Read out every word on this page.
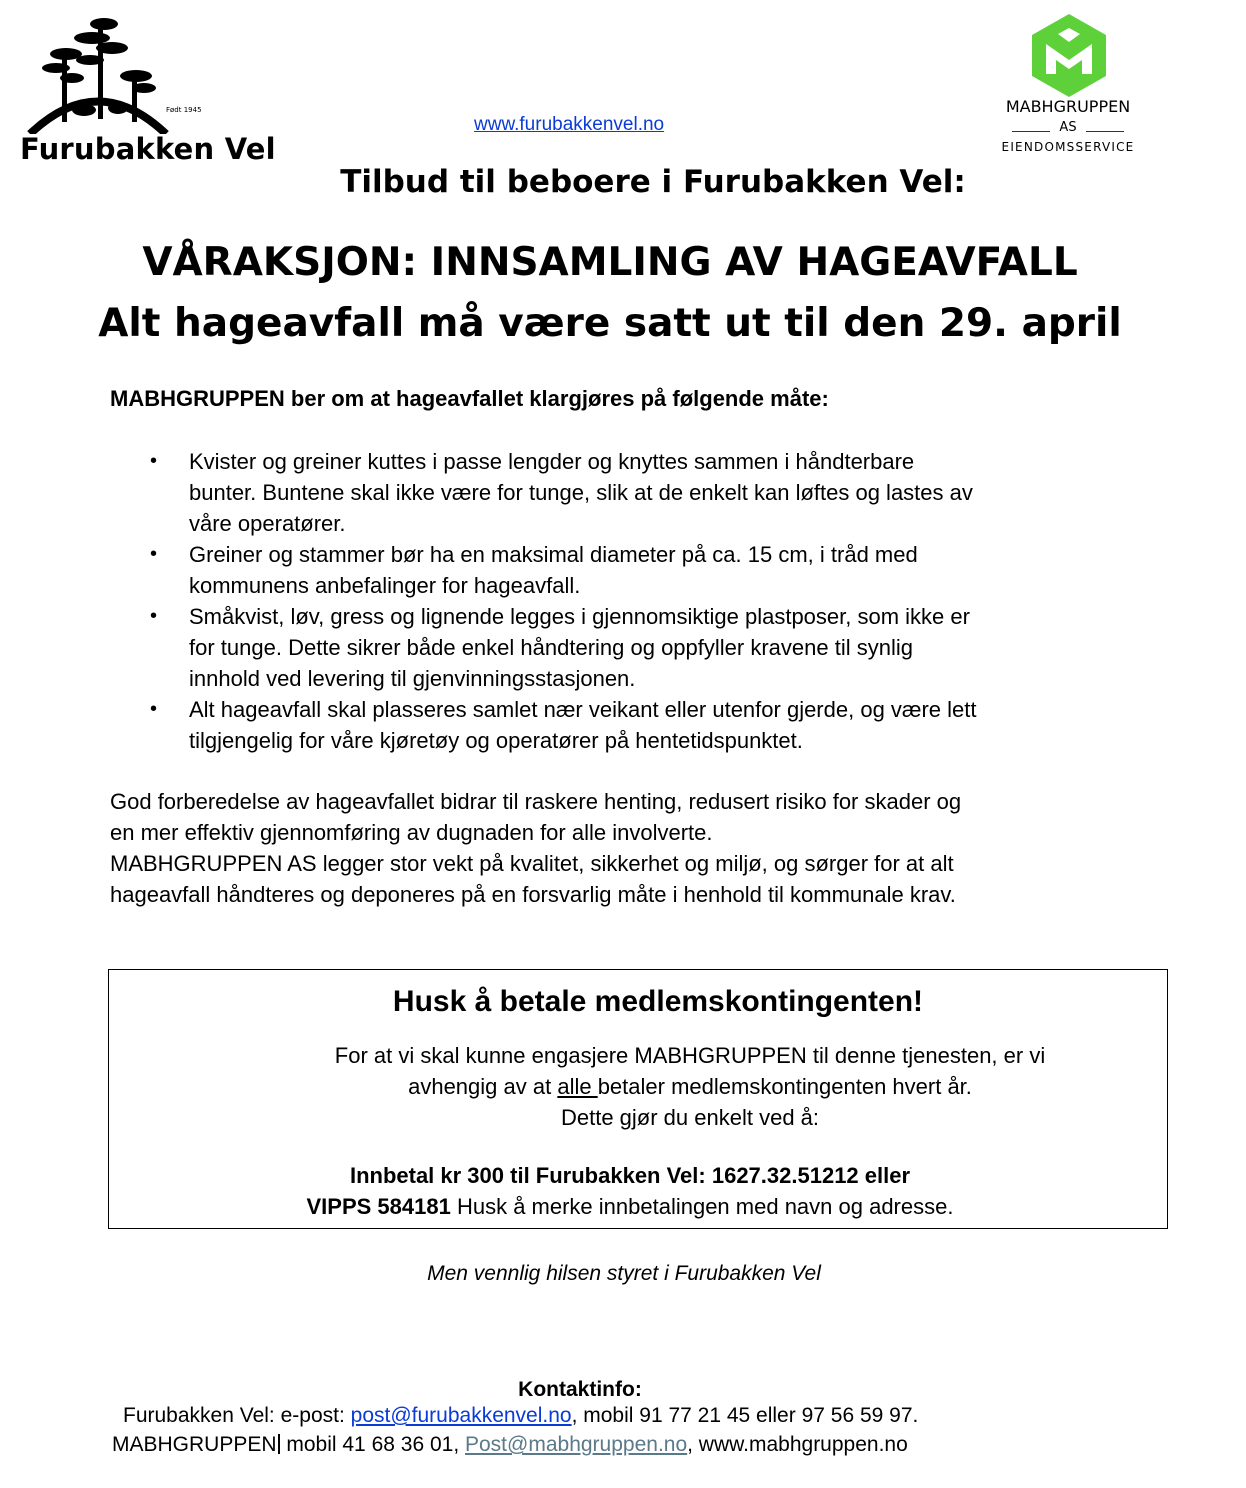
Født 1945
Furubakken Vel
MABHGRUPPEN
AS
EIENDOMSSERVICE
www.furubakkenvel.no
Tilbud til beboere i Furubakken Vel:
VÅRAKSJON: INNSAMLING AV HAGEAVFALL
Alt hageavfall må være satt ut til den 29. april
MABHGRUPPEN ber om at hageavfallet klargjøres på følgende måte:
• Kvister og greiner kuttes i passe lengder og knyttes sammen i håndterbare
bunter. Buntene skal ikke være for tunge, slik at de enkelt kan løftes og lastes av
våre operatører.
• Greiner og stammer bør ha en maksimal diameter på ca. 15 cm, i tråd med
kommunens anbefalinger for hageavfall.
• Småkvist, løv, gress og lignende legges i gjennomsiktige plastposer, som ikke er
for tunge. Dette sikrer både enkel håndtering og oppfyller kravene til synlig
innhold ved levering til gjenvinningsstasjonen.
• Alt hageavfall skal plasseres samlet nær veikant eller utenfor gjerde, og være lett
tilgjengelig for våre kjøretøy og operatører på hentetidspunktet.
God forberedelse av hageavfallet bidrar til raskere henting, redusert risiko for skader og
en mer effektiv gjennomføring av dugnaden for alle involverte.
MABHGRUPPEN AS legger stor vekt på kvalitet, sikkerhet og miljø, og sørger for at alt
hageavfall håndteres og deponeres på en forsvarlig måte i henhold til kommunale krav.
Husk å betale medlemskontingenten!
For at vi skal kunne engasjere MABHGRUPPEN til denne tjenesten, er vi
avhengig av at alle betaler medlemskontingenten hvert år.
Dette gjør du enkelt ved å:
Innbetal kr 300 til Furubakken Vel: 1627.32.51212 eller
VIPPS 584181 Husk å merke innbetalingen med navn og adresse.
Men vennlig hilsen styret i Furubakken Vel
Kontaktinfo:
Furubakken Vel: e-post: post@furubakkenvel.no, mobil 91 77 21 45 eller 97 56 59 97.
MABHGRUPPEN mobil 41 68 36 01, Post@mabhgruppen.no, www.mabhgruppen.no
